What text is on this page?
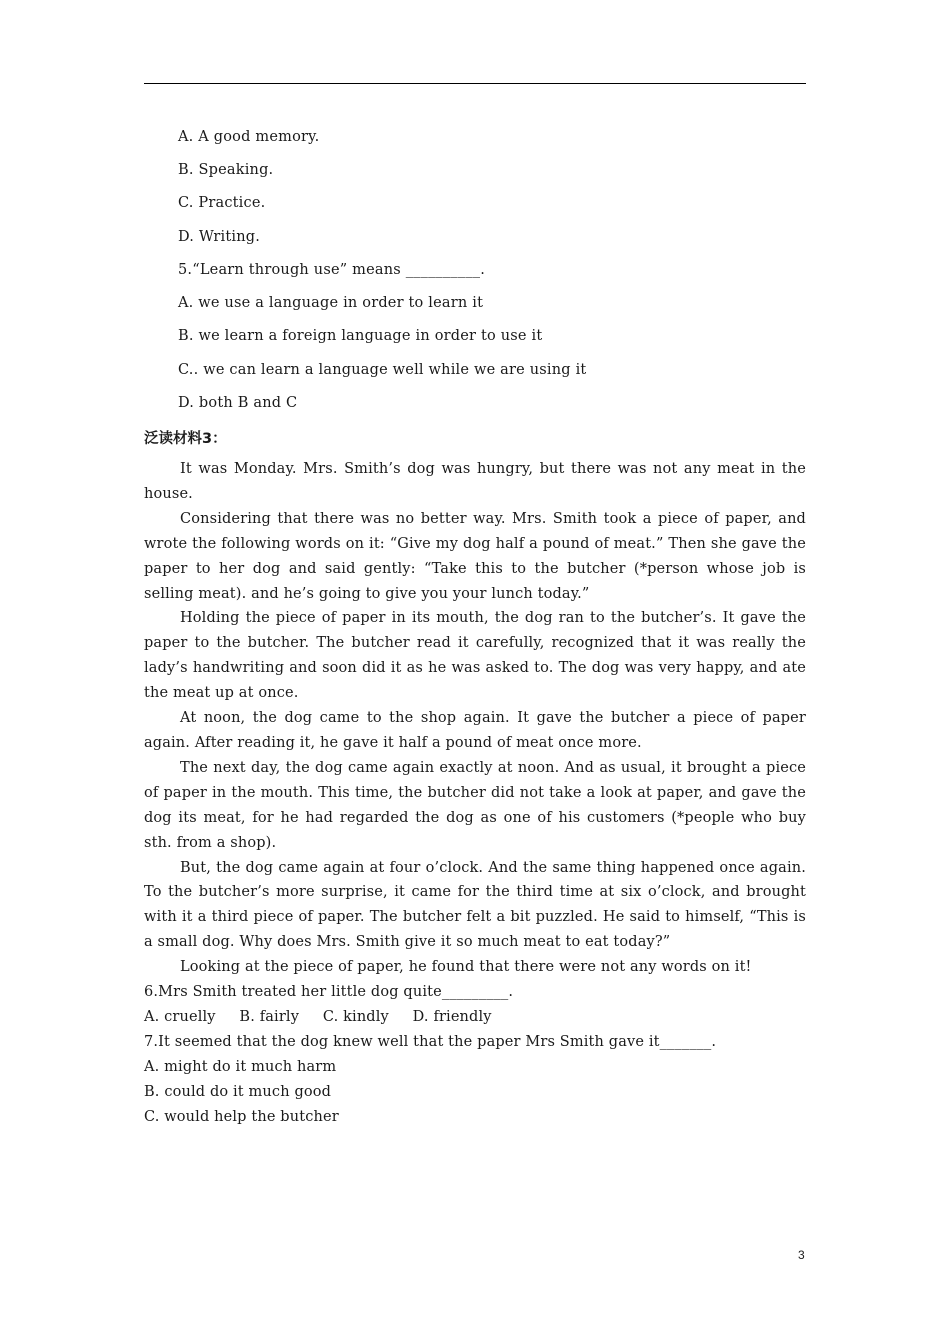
A. A good memory.
B. Speaking.
C. Practice.
D. Writing.
5.“Learn through use” means __________.
A. we use a language in order to learn it
B. we learn a foreign language in order to use it
C.. we can learn a language well while we are using it
D. both B and C
泛读材料3：

It was Monday. Mrs. Smith’s dog was hungry, but there was not any meat in the house.

Considering that there was no better way. Mrs. Smith took a piece of paper, and wrote the following words on it: “Give my dog half a pound of meat.” Then she gave the paper to her dog and said gently: “Take this to the butcher (*person whose job is selling meat). and he’s going to give you your lunch today.”

Holding the piece of paper in its mouth, the dog ran to the butcher’s. It gave the paper to the butcher. The butcher read it carefully, recognized that it was really the lady’s handwriting and soon did it as he was asked to. The dog was very happy, and ate the meat up at once.

At noon, the dog came to the shop again. It gave the butcher a piece of paper again. After reading it, he gave it half a pound of meat once more.

The next day, the dog came again exactly at noon. And as usual, it brought a piece of paper in the mouth. This time, the butcher did not take a look at paper, and gave the dog its meat, for he had regarded the dog as one of his customers (*people who buy sth. from a shop).

But, the dog came again at four o’clock. And the same thing happened once again. To the butcher’s more surprise, it came for the third time at six o’clock, and brought with it a third piece of paper. The butcher felt a bit puzzled. He said to himself, “This is a small dog. Why does Mrs. Smith give it so much meat to eat today?”

Looking at the piece of paper, he found that there were not any words on it!

6.Mrs Smith treated her little dog quite_________.

A. cruelly     B. fairly     C. kindly     D. friendly

7.It seemed that the dog knew well that the paper Mrs Smith gave it_______.

A. might do it much harm

B. could do it much good

C. would help the butcher

3
